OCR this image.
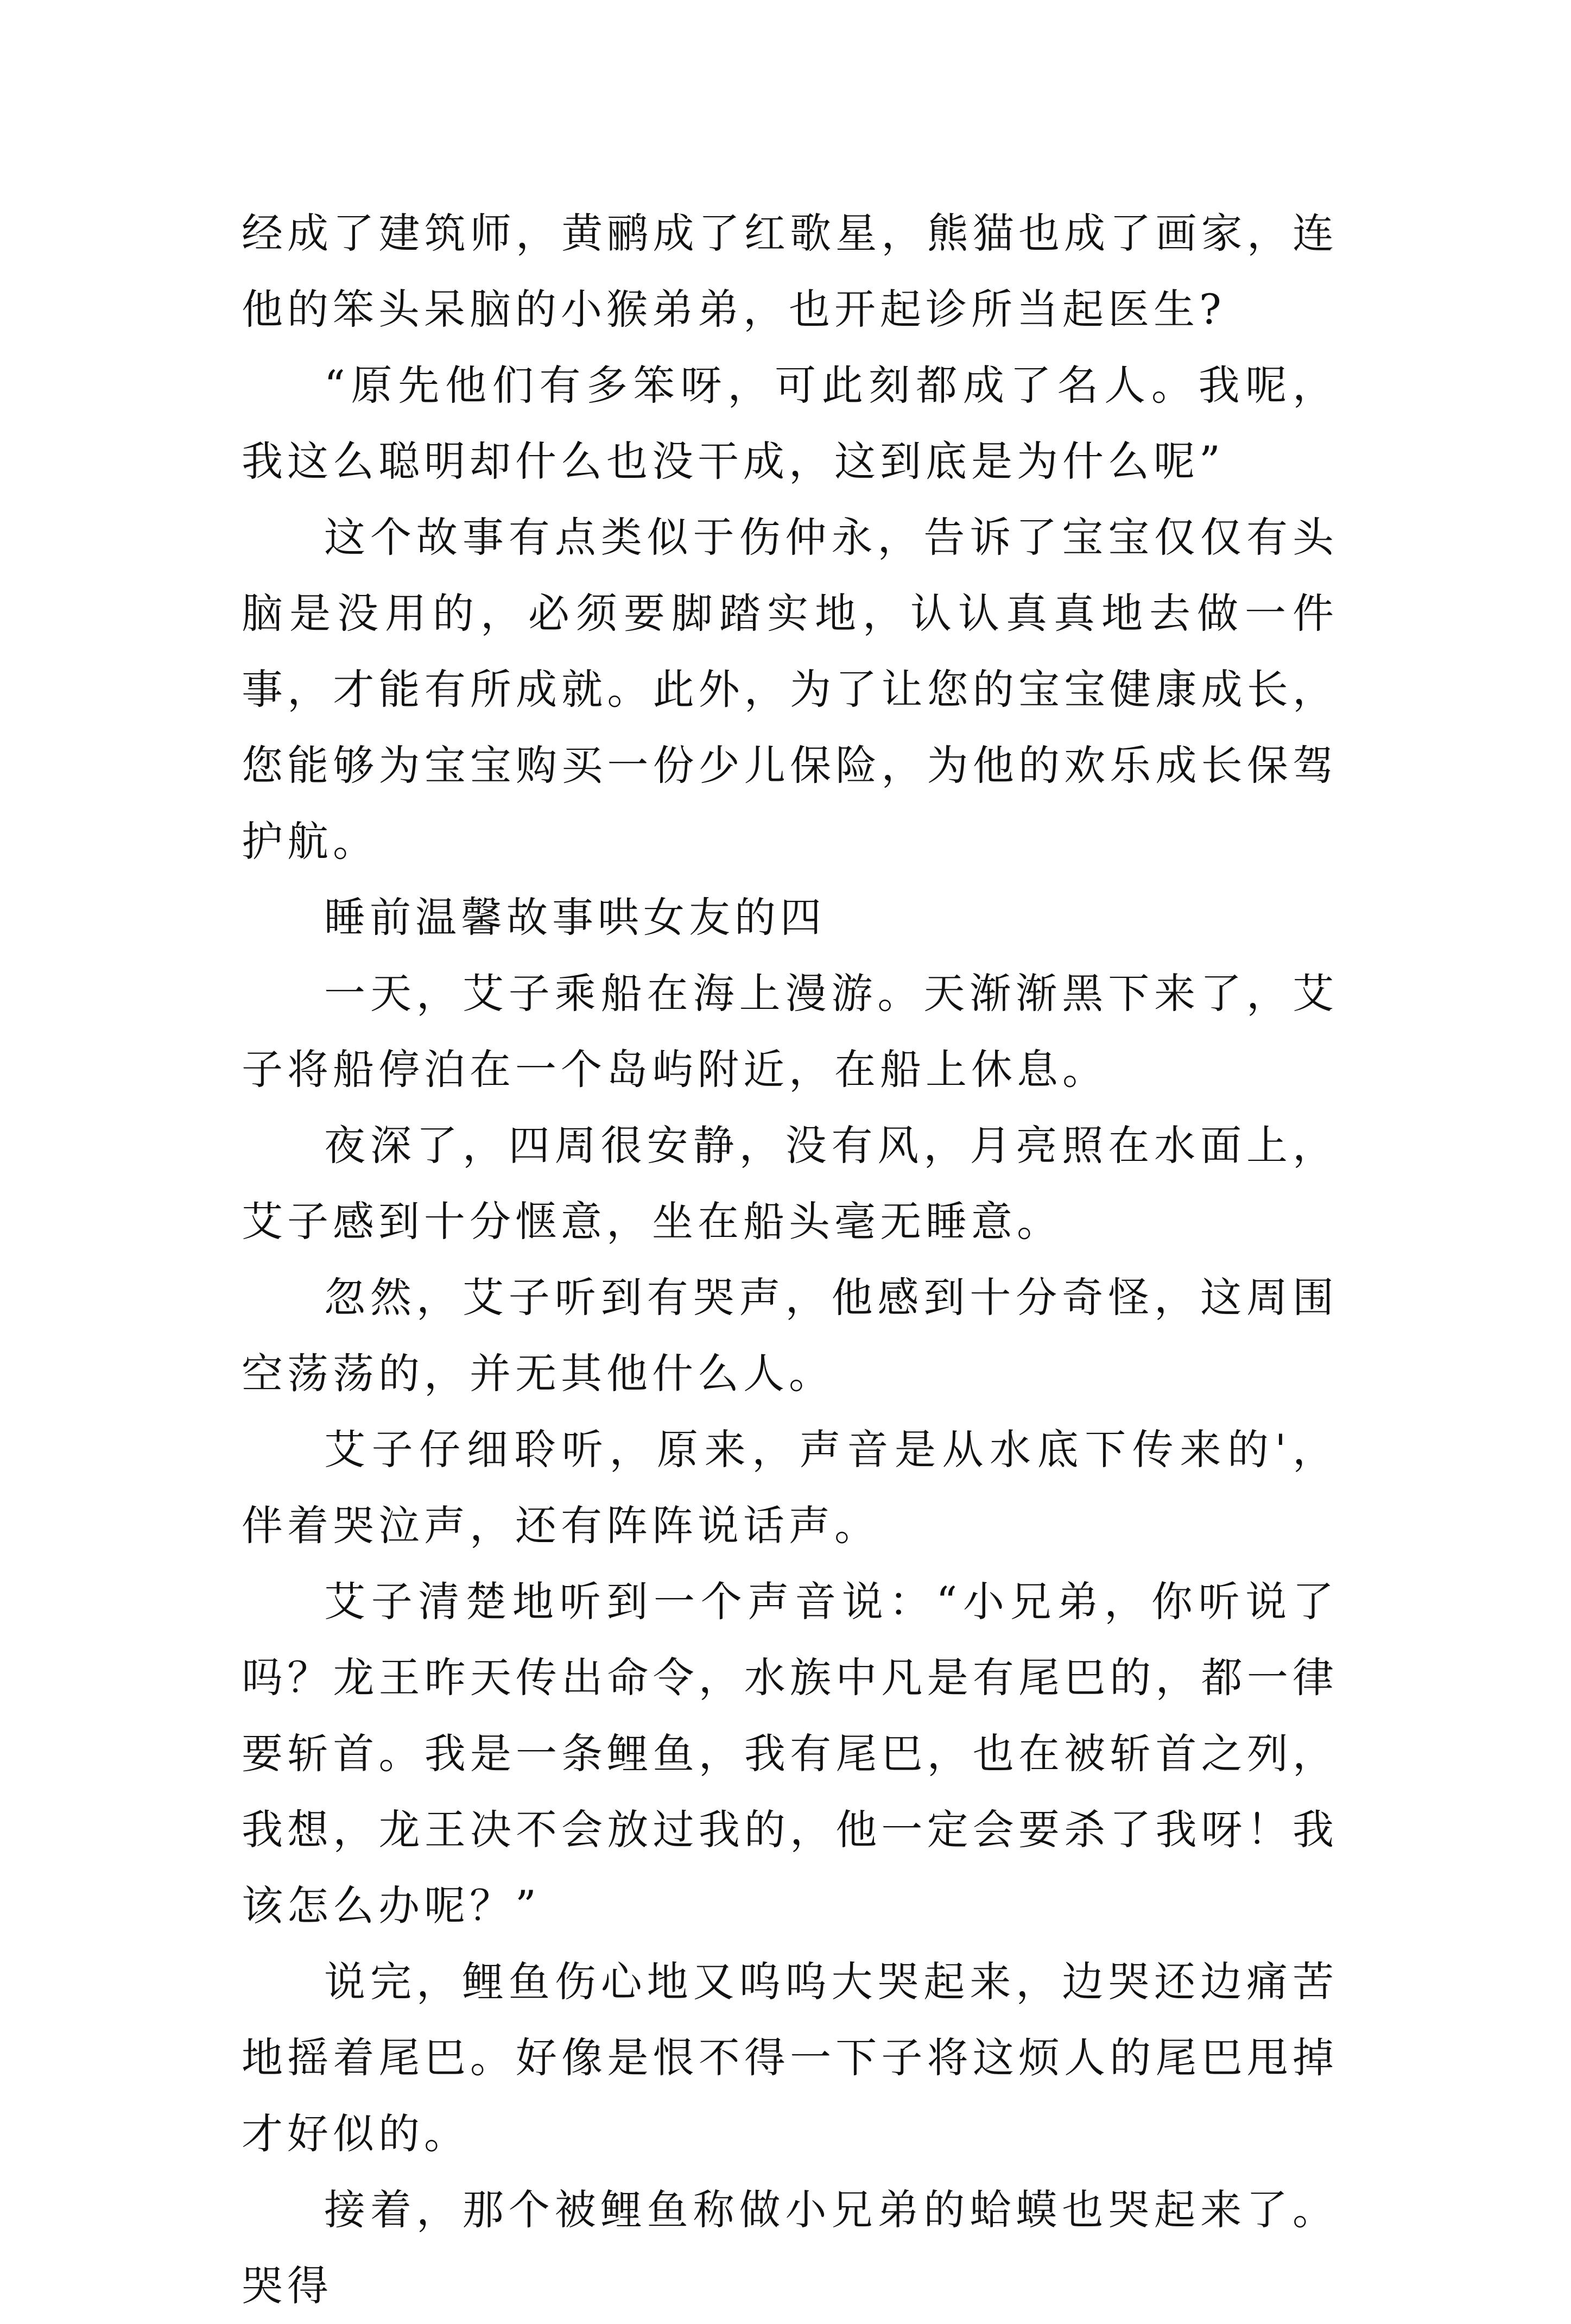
经成了建筑师，黄鹂成了红歌星，熊猫也成了画家，连他的笨头呆脑的小猴弟弟，也开起诊所当起医生?

“原先他们有多笨呀，可此刻都成了名人。我呢，我这么聪明却什么也没干成，这到底是为什么呢”

这个故事有点类似于伤仲永，告诉了宝宝仅仅有头脑是没用的，必须要脚踏实地，认认真真地去做一件事，才能有所成就。此外，为了让您的宝宝健康成长，您能够为宝宝购买一份少儿保险，为他的欢乐成长保驾护航。

睡前温馨故事哄女友的四

一天，艾子乘船在海上漫游。天渐渐黑下来了，艾子将船停泊在一个岛屿附近，在船上休息。

夜深了，四周很安静，没有风，月亮照在水面上，艾子感到十分惬意，坐在船头毫无睡意。

忽然，艾子听到有哭声，他感到十分奇怪，这周围空荡荡的，并无其他什么人。

艾子仔细聆听，原来，声音是从水底下传来的'，伴着哭泣声，还有阵阵说话声。

艾子清楚地听到一个声音说：“小兄弟，你听说了吗？龙王昨天传出命令，水族中凡是有尾巴的，都一律要斩首。我是一条鲤鱼，我有尾巴，也在被斩首之列，我想，龙王决不会放过我的，他一定会要杀了我呀！我该怎么办呢？”

说完，鲤鱼伤心地又呜呜大哭起来，边哭还边痛苦地摇着尾巴。好像是恨不得一下子将这烦人的尾巴甩掉才好似的。

接着，那个被鲤鱼称做小兄弟的蛤蟆也哭起来了。哭得
